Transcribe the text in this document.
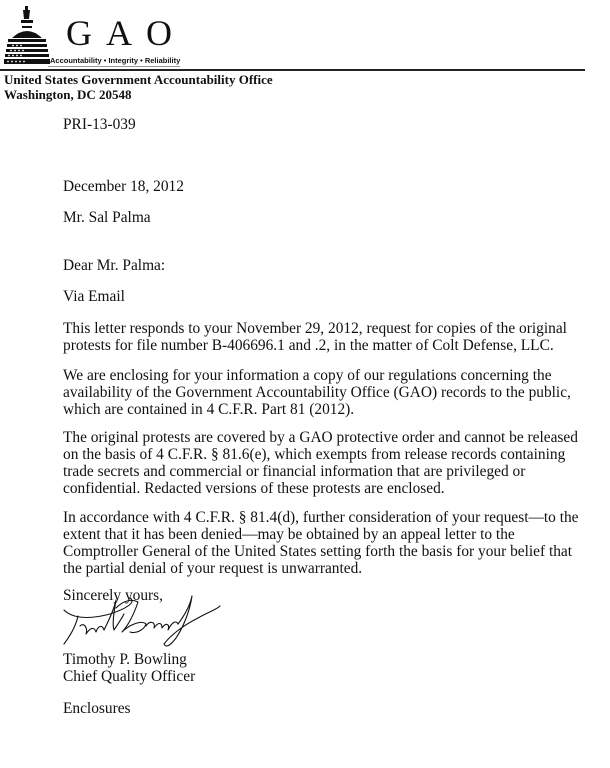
GAO
Accountability • Integrity • Reliability
United States Government Accountability Office
Washington, DC 20548
PRI-13-039
December 18, 2012
Mr. Sal Palma
Dear Mr. Palma:
Via Email
This letter responds to your November 29, 2012, request for copies of the original
protests for file number B-406696.1 and .2, in the matter of Colt Defense, LLC.
We are enclosing for your information a copy of our regulations concerning the
availability of the Government Accountability Office (GAO) records to the public,
which are contained in 4 C.F.R. Part 81 (2012).
The original protests are covered by a GAO protective order and cannot be released
on the basis of 4 C.F.R. § 81.6(e), which exempts from release records containing
trade secrets and commercial or financial information that are privileged or
confidential. Redacted versions of these protests are enclosed.
In accordance with 4 C.F.R. § 81.4(d), further consideration of your request—to the
extent that it has been denied—may be obtained by an appeal letter to the
Comptroller General of the United States setting forth the basis for your belief that
the partial denial of your request is unwarranted.
Sincerely yours,
Timothy P. Bowling
Chief Quality Officer
Enclosures
